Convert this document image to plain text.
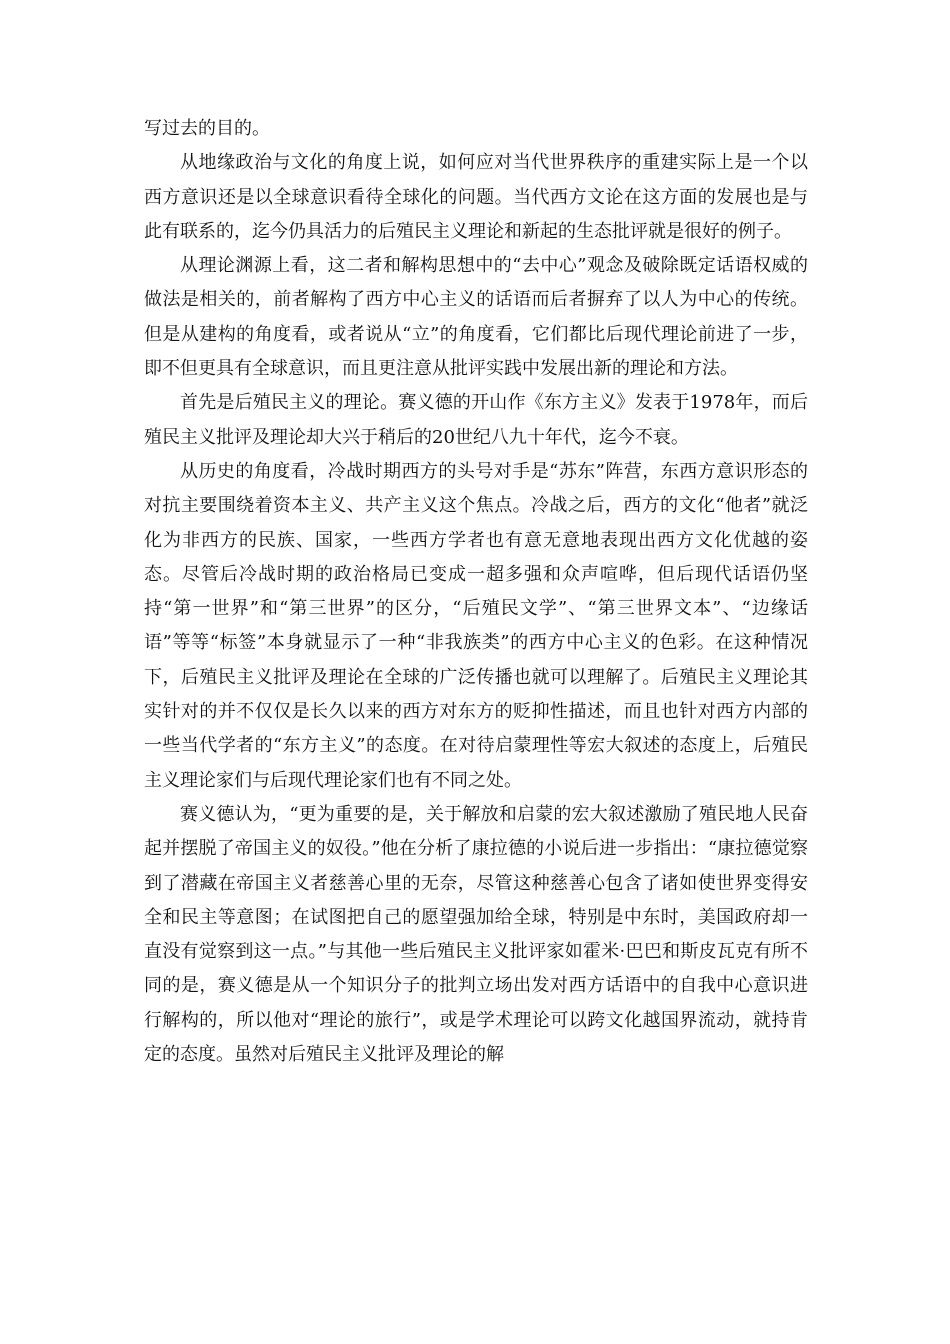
写过去的目的。

从地缘政治与文化的角度上说，如何应对当代世界秩序的重建实际上是一个以西方意识还是以全球意识看待全球化的问题。当代西方文论在这方面的发展也是与此有联系的，迄今仍具活力的后殖民主义理论和新起的生态批评就是很好的例子。

从理论渊源上看，这二者和解构思想中的“去中心”观念及破除既定话语权威的做法是相关的，前者解构了西方中心主义的话语而后者摒弃了以人为中心的传统。但是从建构的角度看，或者说从“立”的角度看，它们都比后现代理论前进了一步，即不但更具有全球意识，而且更注意从批评实践中发展出新的理论和方法。

首先是后殖民主义的理论。赛义德的开山作《东方主义》发表于1978年，而后殖民主义批评及理论却大兴于稍后的20世纪八九十年代，迄今不衰。

从历史的角度看，冷战时期西方的头号对手是“苏东”阵营，东西方意识形态的对抗主要围绕着资本主义、共产主义这个焦点。冷战之后，西方的文化“他者”就泛化为非西方的民族、国家，一些西方学者也有意无意地表现出西方文化优越的姿态。尽管后冷战时期的政治格局已变成一超多强和众声喧哗，但后现代话语仍坚持“第一世界”和“第三世界”的区分，“后殖民文学”、“第三世界文本”、“边缘话语”等等“标签”本身就显示了一种“非我族类”的西方中心主义的色彩。在这种情况下，后殖民主义批评及理论在全球的广泛传播也就可以理解了。后殖民主义理论其实针对的并不仅仅是长久以来的西方对东方的贬抑性描述，而且也针对西方内部的一些当代学者的“东方主义”的态度。在对待启蒙理性等宏大叙述的态度上，后殖民主义理论家们与后现代理论家们也有不同之处。

赛义德认为，“更为重要的是，关于解放和启蒙的宏大叙述激励了殖民地人民奋起并摆脱了帝国主义的奴役。”他在分析了康拉德的小说后进一步指出：“康拉德觉察到了潜藏在帝国主义者慈善心里的无奈，尽管这种慈善心包含了诸如使世界变得安全和民主等意图；在试图把自己的愿望强加给全球，特别是中东时，美国政府却一直没有觉察到这一点。”与其他一些后殖民主义批评家如霍米·巴巴和斯皮瓦克有所不同的是，赛义德是从一个知识分子的批判立场出发对西方话语中的自我中心意识进行解构的，所以他对“理论的旅行”，或是学术理论可以跨文化越国界流动，就持肯定的态度。虽然对后殖民主义批评及理论的解
